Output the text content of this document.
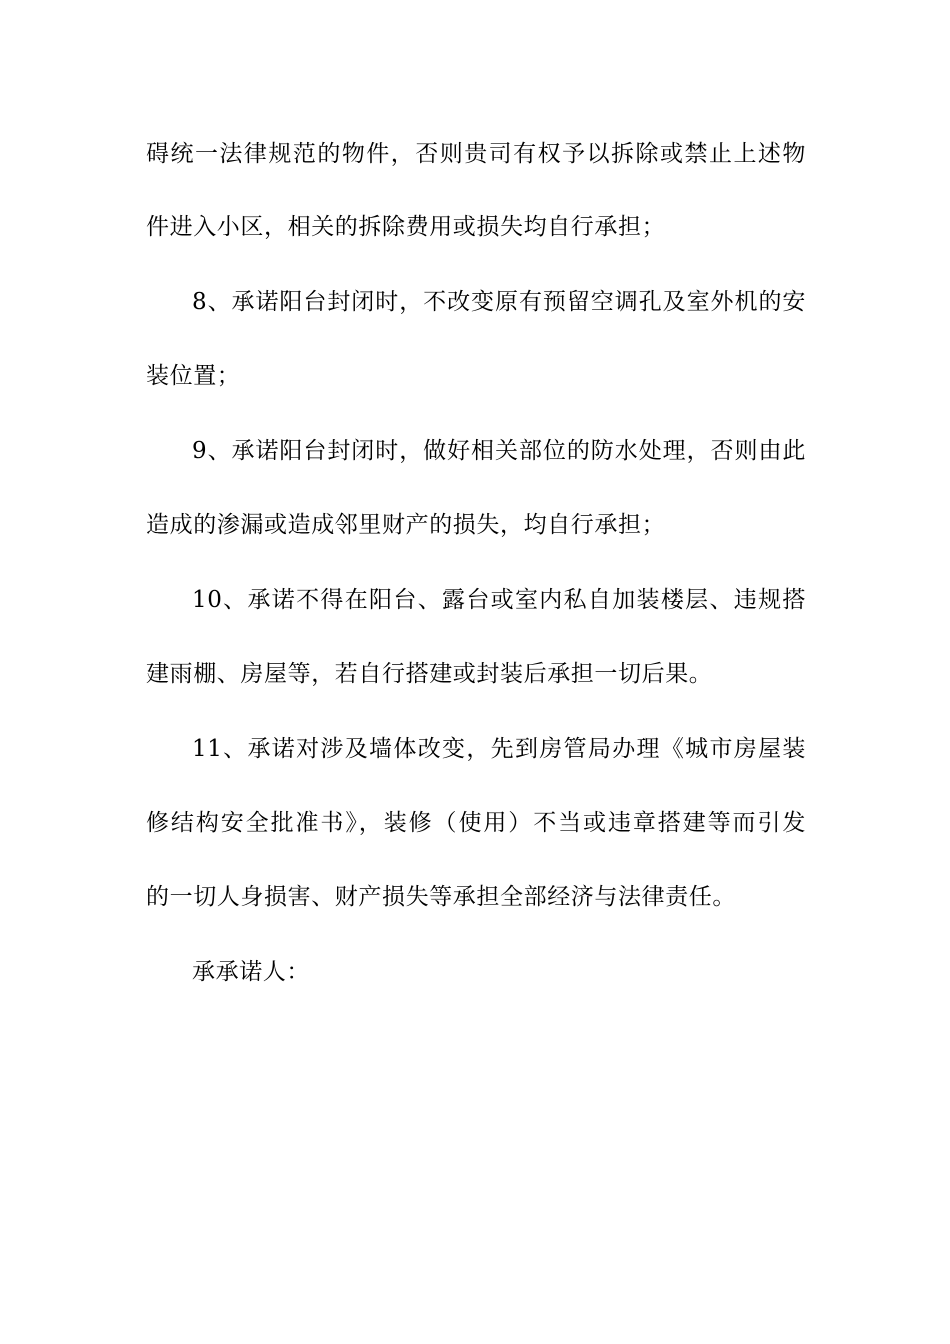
碍统一法律规范的物件，否则贵司有权予以拆除或禁止上述物
件进入小区，相关的拆除费用或损失均自行承担；
8、承诺阳台封闭时，不改变原有预留空调孔及室外机的安
装位置；
9、承诺阳台封闭时，做好相关部位的防水处理，否则由此
造成的渗漏或造成邻里财产的损失，均自行承担；
10、承诺不得在阳台、露台或室内私自加装楼层、违规搭
建雨棚、房屋等，若自行搭建或封装后承担一切后果。
11、承诺对涉及墙体改变，先到房管局办理《城市房屋装
修结构安全批准书》，装修（使用）不当或违章搭建等而引发
的一切人身损害、财产损失等承担全部经济与法律责任。
承承诺人：
